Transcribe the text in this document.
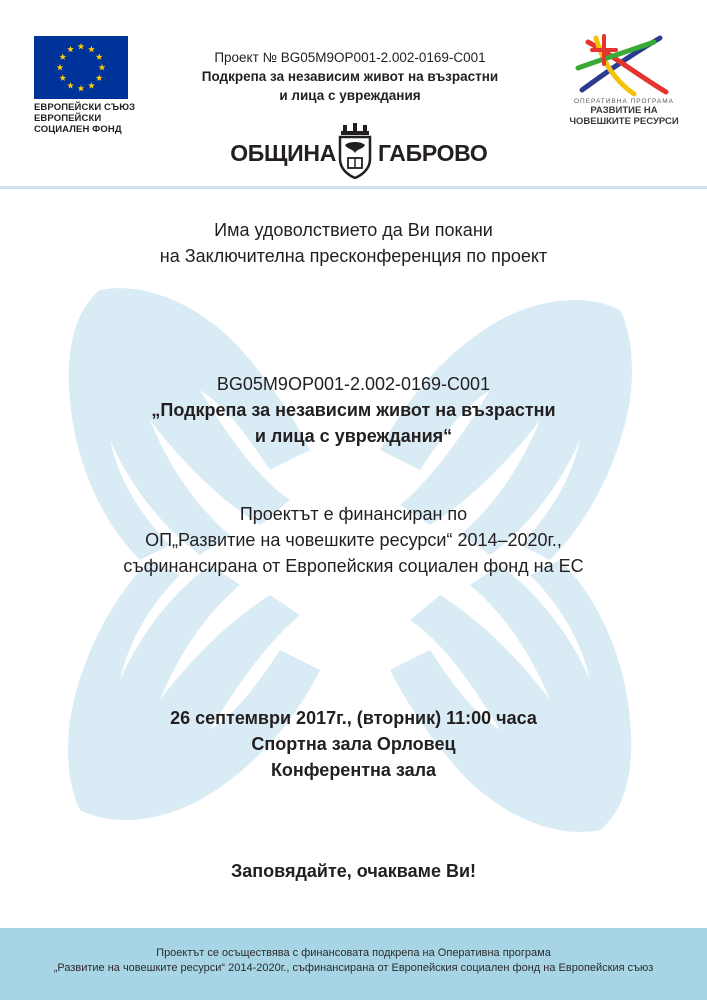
ЕВРОПЕЙСКИ СЪЮЗ
ЕВРОПЕЙСКИ
СОЦИАЛЕН ФОНД
Проект № BG05M9OP001-2.002-0169-C001
Подкрепа за независим живот на възрастни
и лица с увреждания
ОБЩИНА ГАБРОВО
ОПЕРАТИВНА ПРОГРАМА
РАЗВИТИЕ НА
ЧОВЕШКИТЕ РЕСУРСИ
Има удоволствието да Ви покани
на Заключителна пресконференция по проект
BG05M9OP001-2.002-0169-C001
„Подкрепа за независим живот на възрастни
и лица с увреждания“
Проектът е финансиран по
ОП„Развитие на човешките ресурси“ 2014–2020г.,
съфинансирана от Европейския социален фонд на ЕС
26 септември 2017г., (вторник) 11:00 часа
Спортна зала Орловец
Конферентна зала
Заповядайте, очакваме Ви!
Проектът се осъществява с финансовата подкрепа на Оперативна програма
„Развитие на човешките ресурси“ 2014-2020г., съфинансирана от Европейския социален фонд на Европейския съюз
